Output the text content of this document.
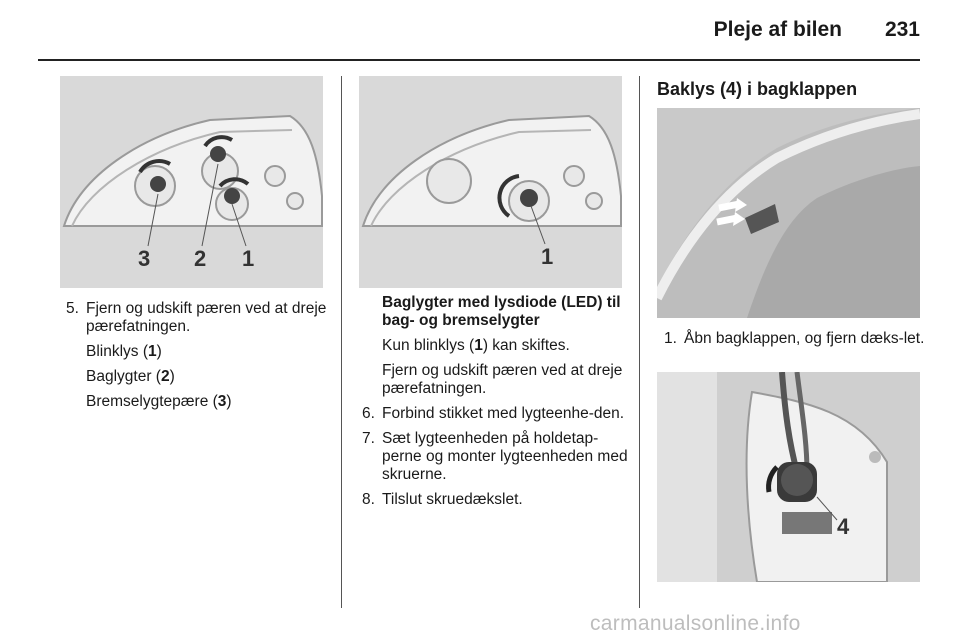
Pleje af bilen 231
3 2 1
5. Fjern og udskift pæren ved at dreje pærefatningen.
Blinklys (1)
Baglygter (2)
Bremselygtepære (3)
1
Baglygter med lysdiode (LED) til bag- og bremselygter
Kun blinklys (1) kan skiftes.
Fjern og udskift pæren ved at dreje pærefatningen.
6. Forbind stikket med lygteenhe-den.
7. Sæt lygteenheden på holdetap-perne og monter lygteenheden med skruerne.
8. Tilslut skruedækslet.
Baklys (4) i bagklappen
1. Åbn bagklappen, og fjern dæks-let.
4
carmanualsonline.info
